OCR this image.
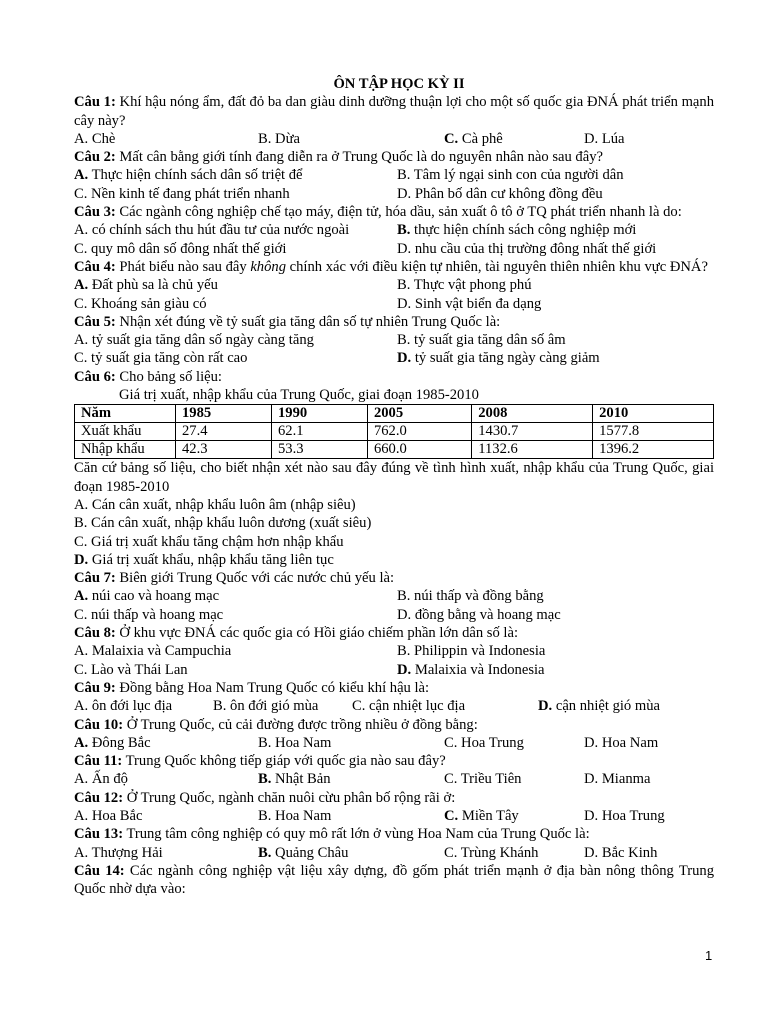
ÔN TẬP HỌC KỲ II
Câu 1: Khí hậu nóng ẩm, đất đỏ ba dan giàu dinh dưỡng thuận lợi cho một số quốc gia ĐNÁ phát triển mạnh cây này?
A. Chè	B. Dừa	C. Cà phê	D. Lúa
Câu 2: Mất cân bằng giới tính đang diễn ra ở Trung Quốc là do nguyên nhân nào sau đây?
A. Thực hiện chính sách dân số triệt để	B. Tâm lý ngại sinh con của người dân
C. Nền kinh tế đang phát triển nhanh	D. Phân bố dân cư không đồng đều
Câu 3: Các ngành công nghiệp chế tạo máy, điện tử, hóa dầu, sản xuất ô tô ở TQ phát triển nhanh là do:
A. có chính sách thu hút đầu tư của nước ngoài	B. thực hiện chính sách công nghiệp mới
C. quy mô dân số đông nhất thế giới	D. nhu cầu của thị trường đông nhất thế giới
Câu 4: Phát biểu nào sau đây không chính xác với điều kiện tự nhiên, tài nguyên thiên nhiên khu vực ĐNÁ?
A. Đất phù sa là chủ yếu	B. Thực vật phong phú
C. Khoáng sản giàu có	D. Sinh vật biển đa dạng
Câu 5: Nhận xét đúng về tỷ suất gia tăng dân số tự nhiên Trung Quốc là:
A. tỷ suất gia tăng dân số ngày càng tăng	B. tỷ suất gia tăng dân số âm
C. tỷ suất gia tăng còn rất cao	D. tỷ suất gia tăng ngày càng giảm
Câu 6: Cho bảng số liệu:
Giá trị xuất, nhập khẩu của Trung Quốc, giai đoạn 1985-2010
Năm	1985	1990	2005	2008	2010
Xuất khẩu	27.4	62.1	762.0	1430.7	1577.8
Nhập khẩu	42.3	53.3	660.0	1132.6	1396.2
Căn cứ bảng số liệu, cho biết nhận xét nào sau đây đúng về tình hình xuất, nhập khẩu của Trung Quốc, giai đoạn 1985-2010
A. Cán cân xuất, nhập khẩu luôn âm (nhập siêu)
B. Cán cân xuất, nhập khẩu luôn dương (xuất siêu)
C. Giá trị xuất khẩu tăng chậm hơn nhập khẩu
D. Giá trị xuất khẩu, nhập khẩu tăng liên tục
Câu 7: Biên giới Trung Quốc với các nước chủ yếu là:
A. núi cao và hoang mạc	B. núi thấp và đồng bằng
C. núi thấp và hoang mạc	D. đồng bằng và hoang mạc
Câu 8: Ở khu vực ĐNÁ các quốc gia có Hồi giáo chiếm phần lớn dân số là:
A. Malaixia và Campuchia	B. Philippin và Indonesia
C. Lào và Thái Lan	D. Malaixia và Indonesia
Câu 9: Đồng bằng Hoa Nam Trung Quốc có kiểu khí hậu là:
A. ôn đới lục địa	B. ôn đới gió mùa	C. cận nhiệt lục địa	D. cận nhiệt gió mùa
Câu 10: Ở Trung Quốc, củ cải đường được trồng nhiều ở đồng bằng:
A. Đông Bắc	B. Hoa Nam	C. Hoa Trung	D. Hoa Nam
Câu 11: Trung Quốc không tiếp giáp với quốc gia nào sau đây?
A. Ấn độ	B. Nhật Bản	C. Triều Tiên	D. Mianma
Câu 12: Ở Trung Quốc, ngành chăn nuôi cừu phân bố rộng rãi ở:
A. Hoa Bắc	B. Hoa Nam	C. Miền Tây	D. Hoa Trung
Câu 13: Trung tâm công nghiệp có quy mô rất lớn ở vùng Hoa Nam của Trung Quốc là:
A. Thượng Hải	B. Quảng Châu	C. Trùng Khánh	D. Bắc Kinh
Câu 14: Các ngành công nghiệp vật liệu xây dựng, đồ gốm phát triển mạnh ở địa bàn nông thông Trung Quốc nhờ dựa vào:
1
